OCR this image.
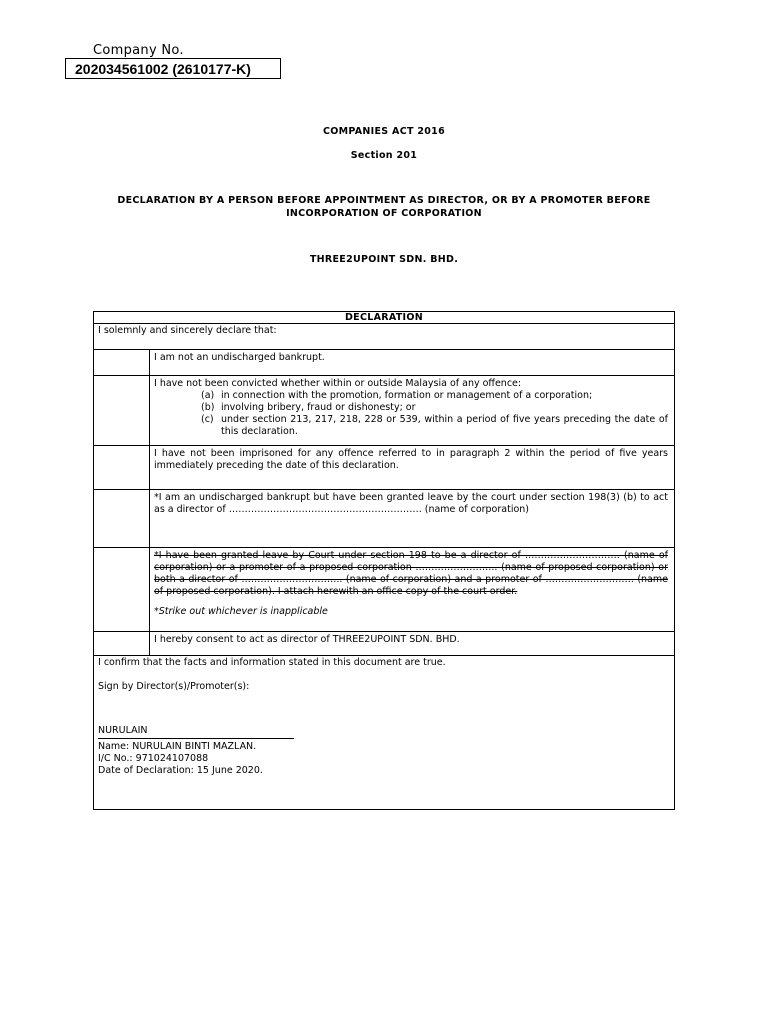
Company No.
202034561002 (2610177-K)
COMPANIES ACT 2016
Section 201
DECLARATION BY A PERSON BEFORE APPOINTMENT AS DIRECTOR, OR BY A PROMOTER BEFORE
INCORPORATION OF CORPORATION
THREE2UPOINT SDN. BHD.
DECLARATION
I solemnly and sincerely declare that:
I am not an undischarged bankrupt.
I have not been convicted whether within or outside Malaysia of any offence:
(a) in connection with the promotion, formation or management of a corporation;
(b) involving bribery, fraud or dishonesty; or
(c) under section 213, 217, 218, 228 or 539, within a period of five years preceding the date of this declaration.
I have not been imprisoned for any offence referred to in paragraph 2 within the period of five years immediately preceding the date of this declaration.
*I am an undischarged bankrupt but have been granted leave by the court under section 198(3) (b) to act as a director of ……………………………………………………. (name of corporation)
*I have been granted leave by Court under section 198 to be a director of ………………………… (name of corporation) or a promoter of a proposed corporation …………………….. (name of proposed corporation) or both a director of ………………………….. (name of corporation) and a promoter of ………………………. (name of proposed corporation). I attach herewith an office copy of the court order.
*Strike out whichever is inapplicable
I hereby consent to act as director of THREE2UPOINT SDN. BHD.
I confirm that the facts and information stated in this document are true.
Sign by Director(s)/Promoter(s):
NURULAIN
Name: NURULAIN BINTI MAZLAN.
I/C No.: 971024107088
Date of Declaration: 15 June 2020.
